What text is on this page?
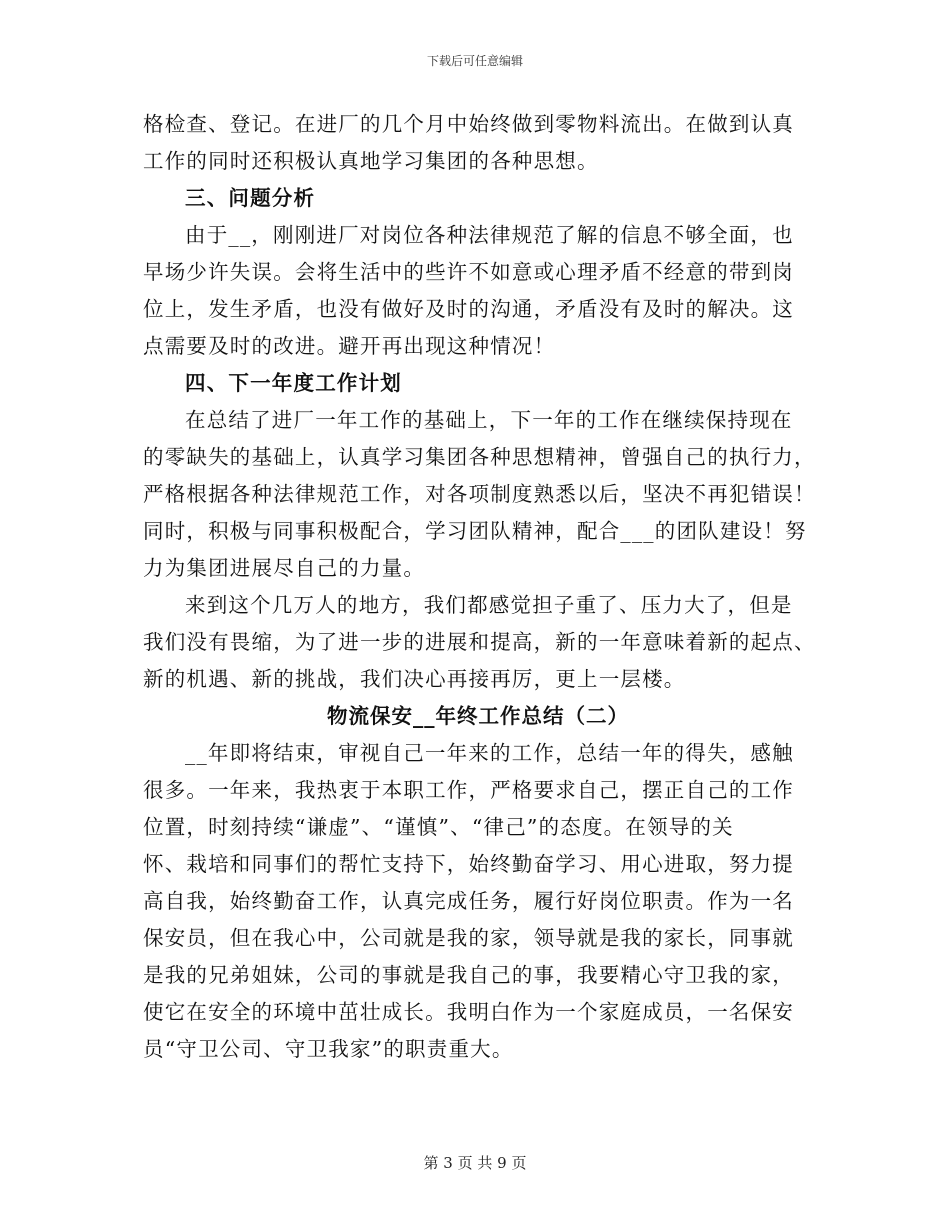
下载后可任意编辑
格检查、登记。在进厂的几个月中始终做到零物料流出。在做到认真
工作的同时还积极认真地学习集团的各种思想。
三、问题分析
由于__，刚刚进厂对岗位各种法律规范了解的信息不够全面，也
早场少许失误。会将生活中的些许不如意或心理矛盾不经意的带到岗
位上，发生矛盾，也没有做好及时的沟通，矛盾没有及时的解决。这
点需要及时的改进。避开再出现这种情况！
四、下一年度工作计划
在总结了进厂一年工作的基础上，下一年的工作在继续保持现在
的零缺失的基础上，认真学习集团各种思想精神，曾强自己的执行力，
严格根据各种法律规范工作，对各项制度熟悉以后，坚决不再犯错误！
同时，积极与同事积极配合，学习团队精神，配合___的团队建设！努
力为集团进展尽自己的力量。
来到这个几万人的地方，我们都感觉担子重了、压力大了，但是
我们没有畏缩，为了进一步的进展和提高，新的一年意味着新的起点、
新的机遇、新的挑战，我们决心再接再厉，更上一层楼。
物流保安__年终工作总结（二）
__年即将结束，审视自己一年来的工作，总结一年的得失，感触
很多。一年来，我热衷于本职工作，严格要求自己，摆正自己的工作
位置，时刻持续“谦虚”、“谨慎”、“律己”的态度。在领导的关
怀、栽培和同事们的帮忙支持下，始终勤奋学习、用心进取，努力提
高自我，始终勤奋工作，认真完成任务，履行好岗位职责。作为一名
保安员，但在我心中，公司就是我的家，领导就是我的家长，同事就
是我的兄弟姐妹，公司的事就是我自己的事，我要精心守卫我的家，
使它在安全的环境中茁壮成长。我明白作为一个家庭成员，一名保安
员“守卫公司、守卫我家”的职责重大。
第 3 页 共 9 页
